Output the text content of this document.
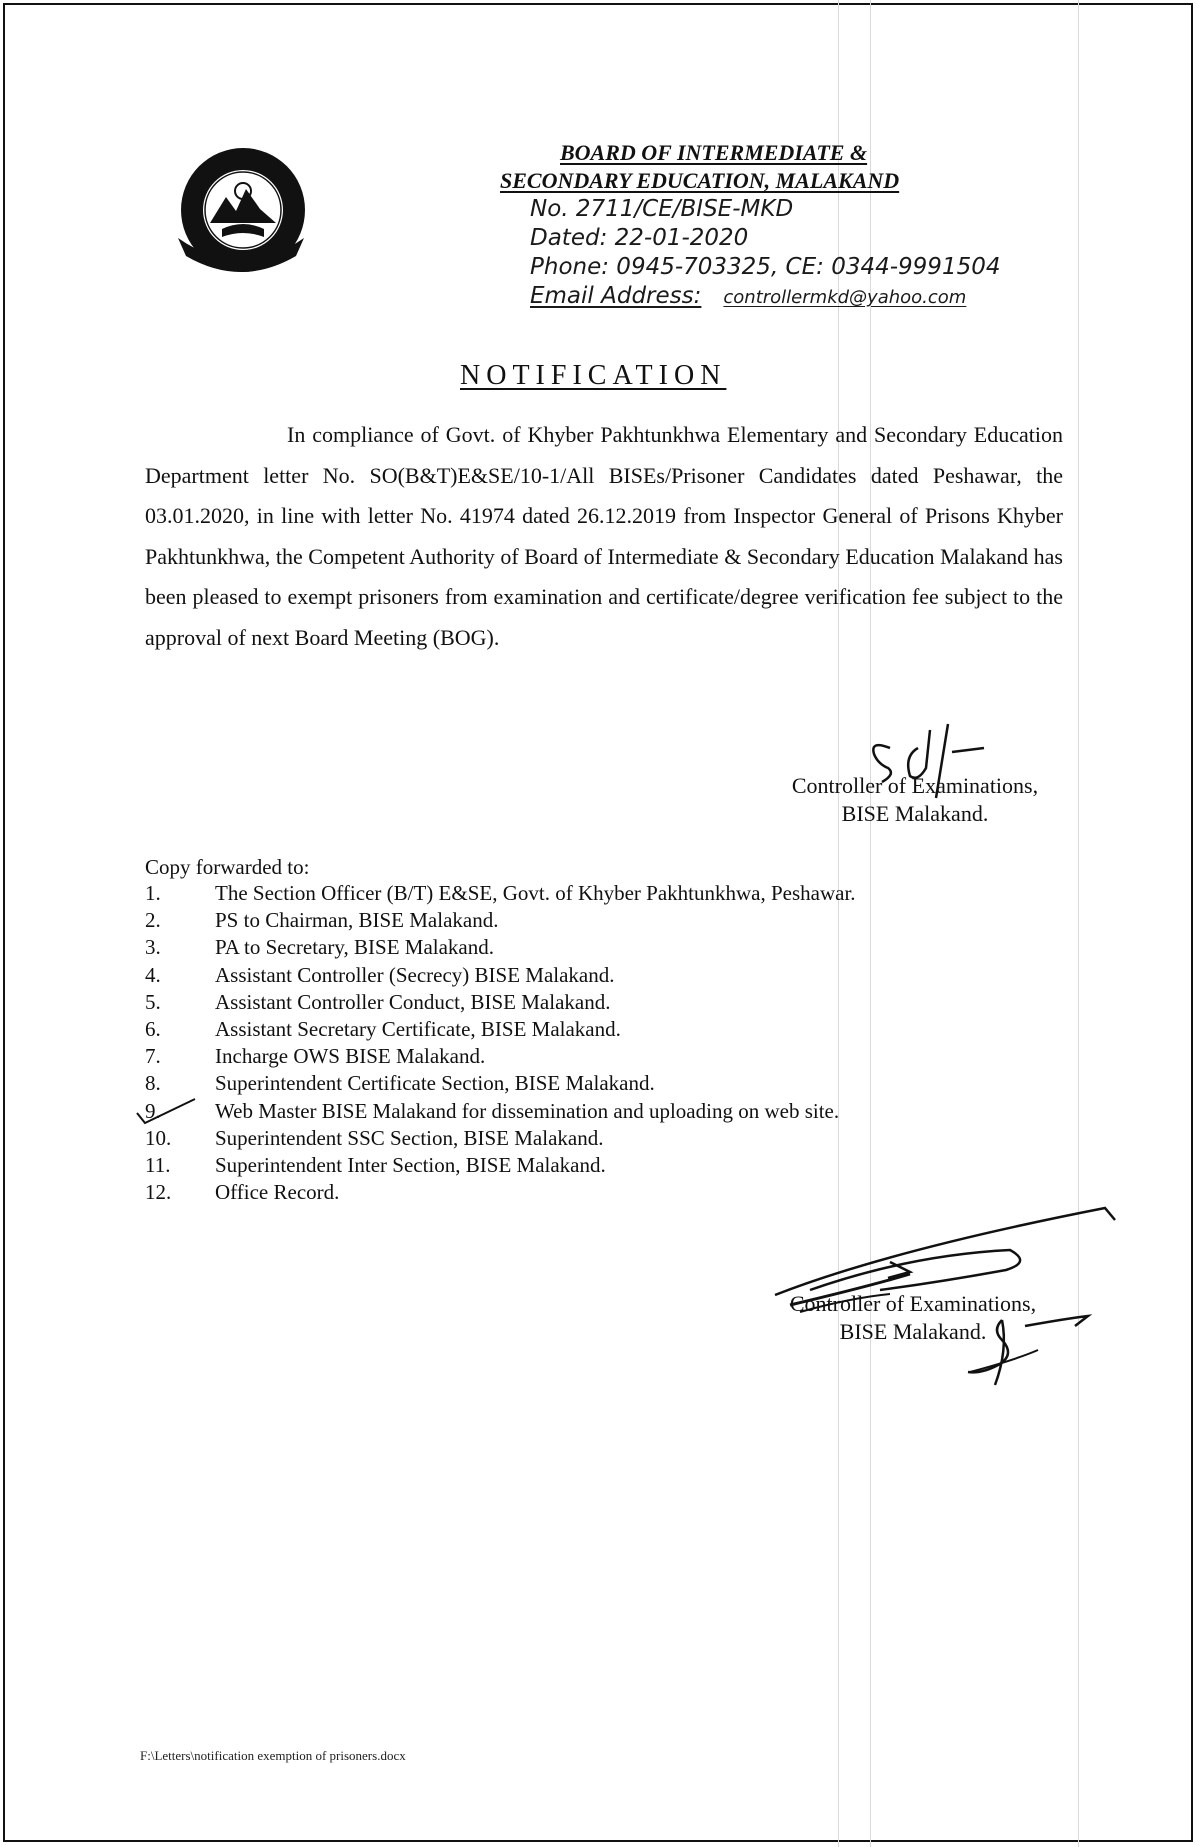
BOARD OF INTERMEDIATE &
SECONDARY EDUCATION, MALAKAND
No. 2711/CE/BISE-MKD
Dated: 22-01-2020
Phone: 0945-703325, CE: 0344-9991504
Email Address: controllermkd@yahoo.com
NOTIFICATION

In compliance of Govt. of Khyber Pakhtunkhwa Elementary and Secondary Education Department letter No. SO(B&T)E&SE/10-1/All BISEs/Prisoner Candidates dated Peshawar, the 03.01.2020, in line with letter No. 41974 dated 26.12.2019 from Inspector General of Prisons Khyber Pakhtunkhwa, the Competent Authority of Board of Intermediate & Secondary Education Malakand has been pleased to exempt prisoners from examination and certificate/degree verification fee subject to the approval of next Board Meeting (BOG).

Controller of Examinations,
BISE Malakand.
Copy forwarded to:
1.	The Section Officer (B/T) E&SE, Govt. of Khyber Pakhtunkhwa, Peshawar.
2.	PS to Chairman, BISE Malakand.
3.	PA to Secretary, BISE Malakand.
4.	Assistant Controller (Secrecy) BISE Malakand.
5.	Assistant Controller Conduct, BISE Malakand.
6.	Assistant Secretary Certificate, BISE Malakand.
7.	Incharge OWS BISE Malakand.
8.	Superintendent Certificate Section, BISE Malakand.
9.	Web Master BISE Malakand for dissemination and uploading on web site.
10.	Superintendent SSC Section, BISE Malakand.
11.	Superintendent Inter Section, BISE Malakand.
12.	Office Record.
Controller of Examinations,
BISE Malakand.
F:\Letters\notification exemption of prisoners.docx
